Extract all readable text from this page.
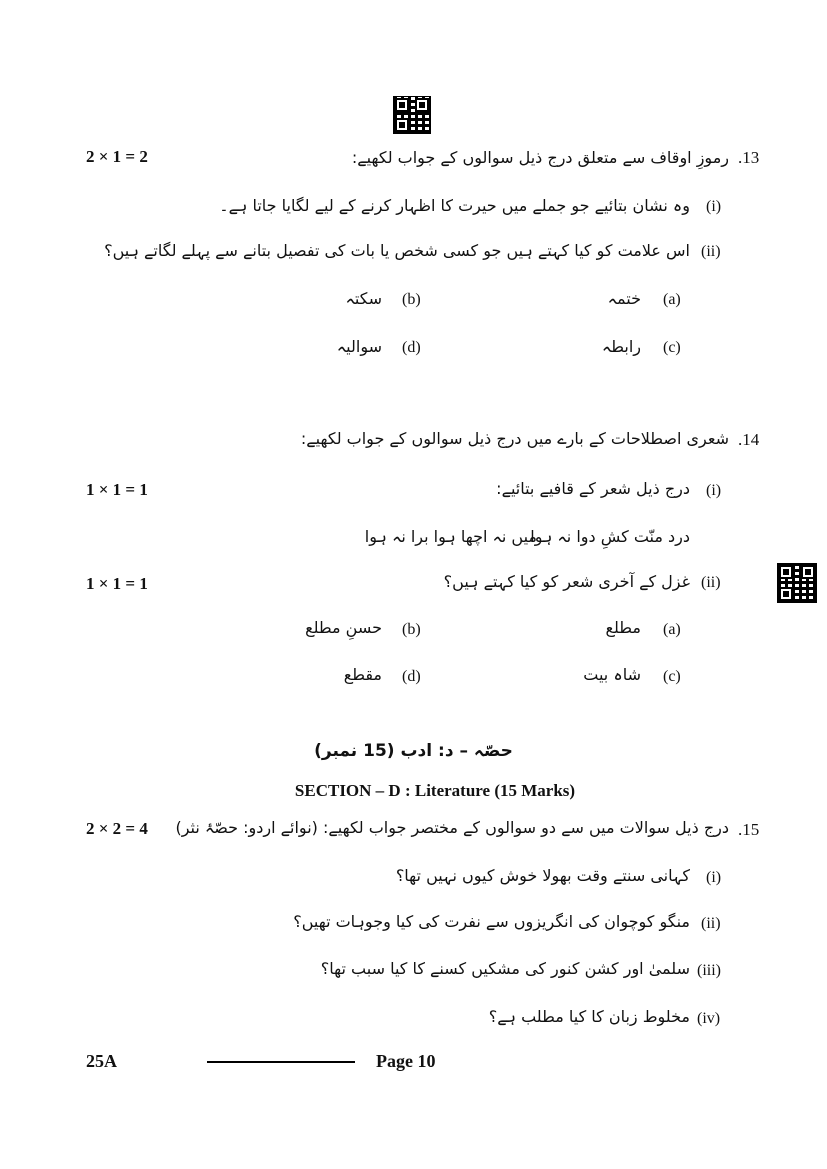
2 × 1 = 2	.13
رموزِ اوقاف سے متعلق درج ذیل سوالوں کے جواب لکھیے:
(i)
وہ نشان بتائیے جو جملے میں حیرت کا اظہار کرنے کے لیے لگایا جاتا ہے۔
(ii)
اس علامت کو کیا کہتے ہیں جو کسی شخص یا بات کی تفصیل بتانے سے پہلے لگاتے ہیں؟
(a)
ختمہ
(b)
سکتہ
(c)
رابطہ
(d)
سوالیہ
.14
شعری اصطلاحات کے بارے میں درج ذیل سوالوں کے جواب لکھیے:
1 × 1 = 1	(i)
درج ذیل شعر کے قافیے بتائیے:
درد منّت کشِ دوا نہ ہوا
میں نہ اچھا ہوا برا نہ ہوا
1 × 1 = 1	(ii)
غزل کے آخری شعر کو کیا کہتے ہیں؟
(a)
مطلع
(b)
حسنِ مطلع
(c)
شاہ بیت
(d)
مقطع
حصّہ – د: ادب (15 نمبر)
SECTION – D : Literature (15 Marks)
2 × 2 = 4	.15
درج ذیل سوالات میں سے دو سوالوں کے مختصر جواب لکھیے: (نوائے اردو: حصّۂ نثر)
(i)
کہانی سنتے وقت بھولا خوش کیوں نہیں تھا؟
(ii)
منگو کوچوان کی انگریزوں سے نفرت کی کیا وجوہات تھیں؟
(iii)
سلمیٰ اور کشن کنور کی مشکیں کسنے کا کیا سبب تھا؟
(iv)
مخلوط زبان کا کیا مطلب ہے؟
25A	Page 10
